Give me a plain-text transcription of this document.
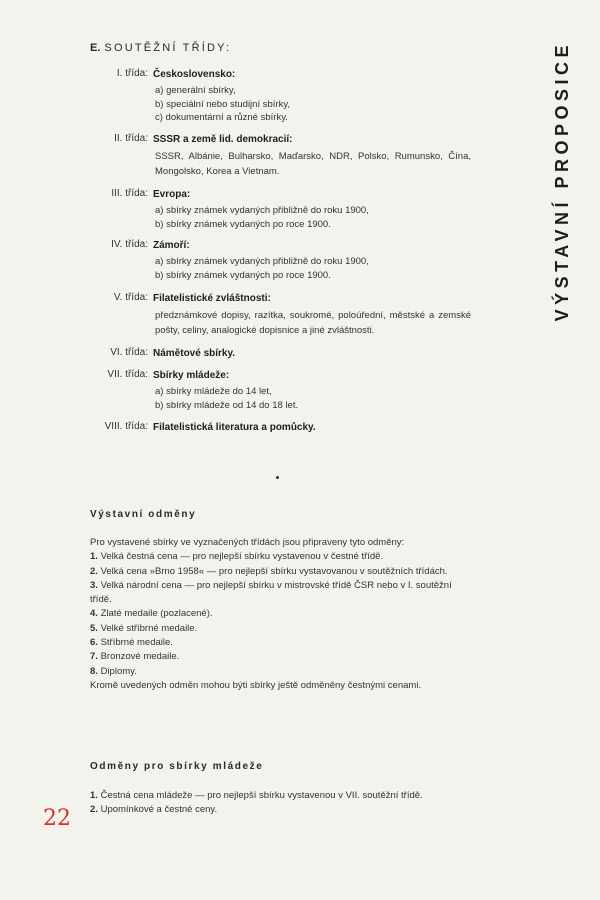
E. SOUTĚŽNÍ TŘÍDY:	VÝSTAVNÍ PROPOSICE
I. třída: Československo:
a) generální sbírky,
b) speciální nebo studijní sbírky,
c) dokumentární a různé sbírky.
II. třída: SSSR a země lid. demokracií:
SSSR, Albánie, Bulharsko, Maďarsko, NDR, Polsko, Rumunsko, Čína, Mongolsko, Korea a Vietnam.
III. třída: Evropa:
a) sbírky známek vydaných přibližně do roku 1900,
b) sbírky známek vydaných po roce 1900.
IV. třída: Zámoří:
a) sbírky známek vydaných přibližně do roku 1900,
b) sbírky známek vydaných po roce 1900.
V. třída: Filatelistické zvláštnosti:
předznámkové dopisy, razítka, soukromé, poloúřední, městské a zemské pošty, celiny, analogické dopisnice a jiné zvláštnosti.
VI. třída: Námětové sbírky.
VII. třída: Sbírky mládeže:
a) sbírky mládeže do 14 let,
b) sbírky mládeže od 14 do 18 let.
VIII. třída: Filatelistická literatura a pomůcky.
Výstavní odměny

Pro vystavené sbírky ve vyznačených třídách jsou připraveny tyto odměny:

1. Velká čestná cena — pro nejlepší sbírku vystavenou v čestné třídě.

2. Velká cena »Brno 1958« — pro nejlepší sbírku vystavovanou v soutěžních třídách.

3. Velká národní cena — pro nejlepší sbírku v mistrovské třídě ČSR nebo v I. soutěžní třídě.

4. Zlaté medaile (pozlacené).

5. Velké stříbrné medaile.

6. Stříbrné medaile.

7. Bronzové medaile.

8. Diplomy.

Kromě uvedených odměn mohou býti sbírky ještě odměněny čestnými cenami.

Odměny pro sbírky mládeže

1. Čestná cena mládeže — pro nejlepší sbírku vystavenou v VII. soutěžní třídě.

2. Upomínkové a čestné ceny.

22
